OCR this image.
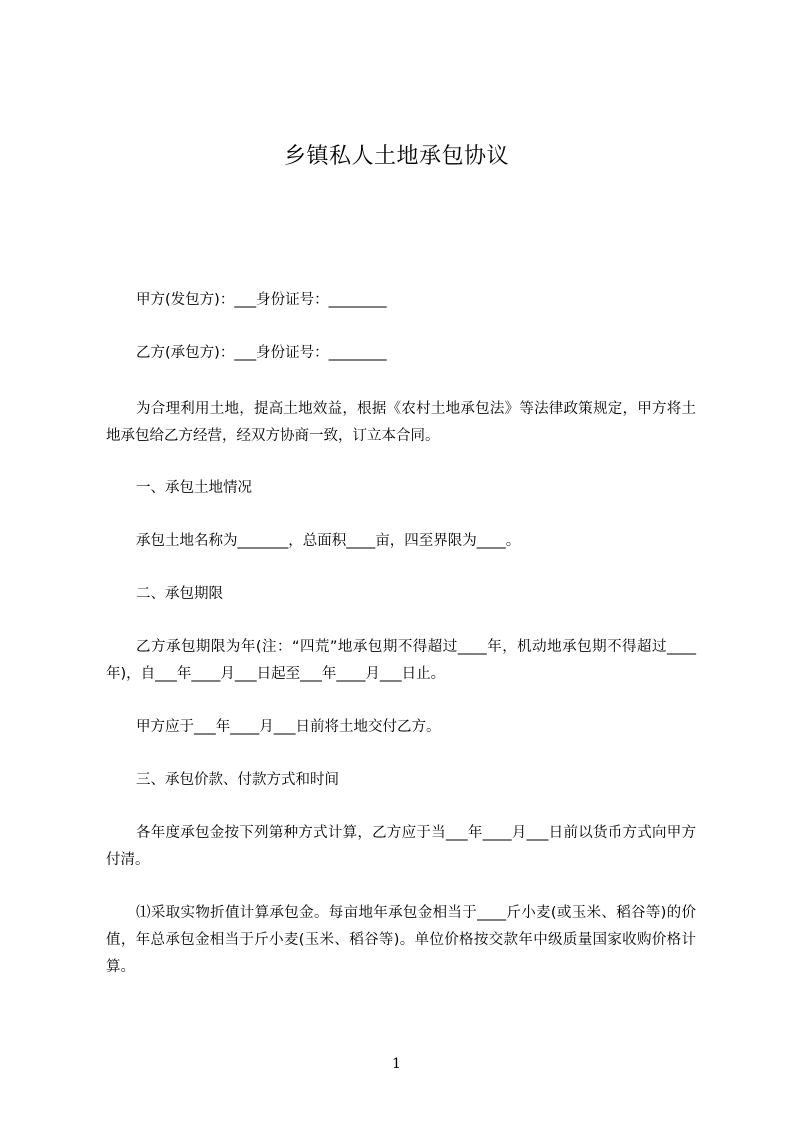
乡镇私人土地承包协议

甲方(发包方)：___身份证号：________

乙方(承包方)：___身份证号：________

为合理利用土地，提高土地效益，根据《农村土地承包法》等法律政策规定，甲方将土地承包给乙方经营，经双方协商一致，订立本合同。

一、承包土地情况

承包土地名称为_______，总面积____亩，四至界限为____。

二、承包期限

乙方承包期限为年(注：“四荒”地承包期不得超过____年，机动地承包期不得超过____年)，自___年____月___日起至___年____月___日止。

甲方应于___年____月___日前将土地交付乙方。

三、承包价款、付款方式和时间

各年度承包金按下列第种方式计算，乙方应于当___年____月___日前以货币方式向甲方付清。

⑴采取实物折值计算承包金。每亩地年承包金相当于____斤小麦(或玉米、稻谷等)的价值，年总承包金相当于斤小麦(玉米、稻谷等)。单位价格按交款年中级质量国家收购价格计算。

1
